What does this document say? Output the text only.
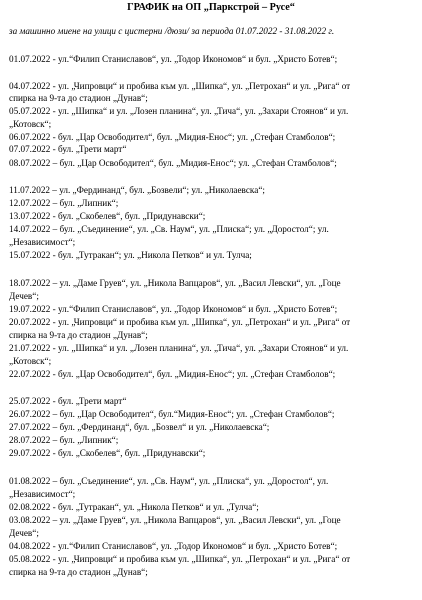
ГРАФИК на ОП „Паркстрой – Русе“
за машинно миене на улици с цистерни /дюзи/ за периода 01.07.2022 - 31.08.2022 г.
01.07.2022 - ул.“Филип Станиславов“, ул. „Тодор Икономов“ и бул. „Христо Ботев“;
04.07.2022 - ул. „Чипровци“ и пробива към ул. „Шипка“, ул. „Петрохан“ и ул. „Рига“ от
спирка на 9-та до стадион „Дунав“;
05.07.2022 - ул. „Шипка“ и ул. „Лозен планина“, ул. „Тича“, ул. „Захари Стоянов“ и ул.
„Котовск“;
06.07.2022 - бул. „Цар Освободител“, бул. „Мидия-Енос“; ул. „Стефан Стамболов“;
07.07.2022 - бул. „Трети март“
08.07.2022 – бул. „Цар Освободител“, бул. „Мидия-Енос“; ул. „Стефан Стамболов“;
11.07.2022 – ул. „Фердинанд“, бул. „Бозвели“; ул. „Николаевска“;
12.07.2022 – бул. „Липник“;
13.07.2022 - бул. „Скобелев“, бул. „Придунавски“;
14.07.2022 – бул. „Съединение“, ул. „Св. Наум“, ул. „Плиска“; ул. „Доростол“; ул.
„Независимост“;
15.07.2022 - бул. „Тутракан“; ул. „Никола Петков“ и ул. Тулча;
18.07.2022 – ул. „Даме Груев“, ул. „Никола Вапцаров“, ул. „Васил Левски“, ул. „Гоце
Дечев“;
19.07.2022 - ул.“Филип Станиславов“, ул. „Тодор Икономов“ и бул. „Христо Ботев“;
20.07.2022 - ул. „Чипровци“ и пробива към ул. „Шипка“, ул. „Петрохан“ и ул. „Рига“ от
спирка на 9-та до стадион „Дунав“;
21.07.2022 - ул. „Шипка“ и ул. „Лозен планина“, ул. „Тича“, ул. „Захари Стоянов“ и ул.
„Котовск“;
22.07.2022 - бул. „Цар Освободител“, бул. „Мидия-Енос“; ул. „Стефан Стамболов“;
25.07.2022 - бул. „Трети март“
26.07.2022 – бул. „Цар Освободител“, бул.“Мидия-Енос“; ул. „Стефан Стамболов“;
27.07.2022 – бул. „Фердинанд“, бул. „Бозвел“ и ул. „Николаевска“;
28.07.2022 – бул. „Липник“;
29.07.2022 - бул. „Скобелев“, бул. „Придунавски“;
01.08.2022 – бул. „Съединение“, ул. „Св. Наум“, ул. „Плиска“, ул. „Доростол“, ул.
„Независимост“;
02.08.2022 - бул. „Тутракан“, ул. „Никола Петков“ и ул. „Тулча“;
03.08.2022 – ул. „Даме Груев“, ул. „Никола Вапцаров“, ул. „Васил Левски“, ул. „Гоце
Дечев“;
04.08.2022 - ул.“Филип Станиславов“, ул. „Тодор Икономов“ и бул. „Христо Ботев“;
05.08.2022 - ул. „Чипровци“ и пробива към ул. „Шипка“, ул. „Петрохан“ и ул. „Рига“ от
спирка на 9-та до стадион „Дунав“;
